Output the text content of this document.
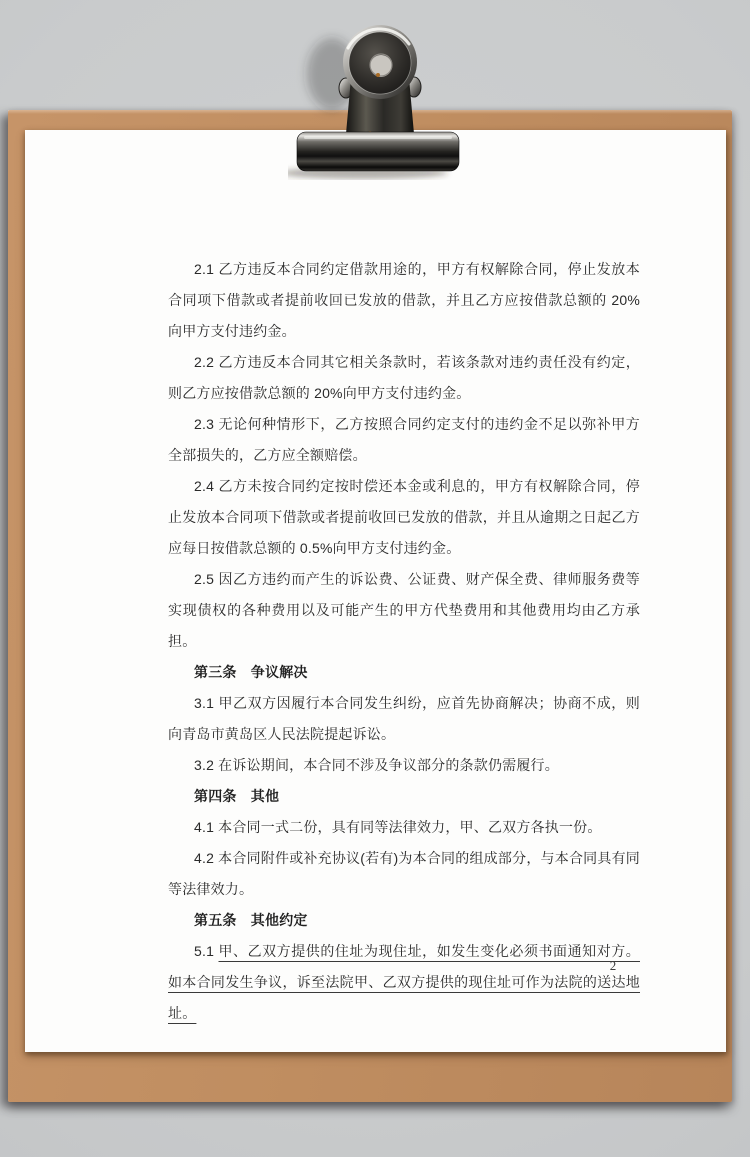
2.1 乙方违反本合同约定借款用途的，甲方有权解除合同，停止发放本合同项下借款或者提前收回已发放的借款，并且乙方应按借款总额的 20%向甲方支付违约金。

2.2 乙方违反本合同其它相关条款时，若该条款对违约责任没有约定，则乙方应按借款总额的 20%向甲方支付违约金。

2.3 无论何种情形下，乙方按照合同约定支付的违约金不足以弥补甲方全部损失的，乙方应全额赔偿。

2.4 乙方未按合同约定按时偿还本金或利息的，甲方有权解除合同，停止发放本合同项下借款或者提前收回已发放的借款，并且从逾期之日起乙方应每日按借款总额的 0.5%向甲方支付违约金。

2.5 因乙方违约而产生的诉讼费、公证费、财产保全费、律师服务费等实现债权的各种费用以及可能产生的甲方代垫费用和其他费用均由乙方承担。

第三条　争议解决

3.1 甲乙双方因履行本合同发生纠纷，应首先协商解决；协商不成，则向青岛市黄岛区人民法院提起诉讼。

3.2 在诉讼期间，本合同不涉及争议部分的条款仍需履行。

第四条　其他

4.1 本合同一式二份，具有同等法律效力，甲、乙双方各执一份。

4.2 本合同附件或补充协议(若有)为本合同的组成部分，与本合同具有同等法律效力。

第五条　其他约定

5.1 甲、乙双方提供的住址为现住址，如发生变化必须书面通知对方。如本合同发生争议，诉至法院甲、乙双方提供的现住址可作为法院的送达地址。

2
